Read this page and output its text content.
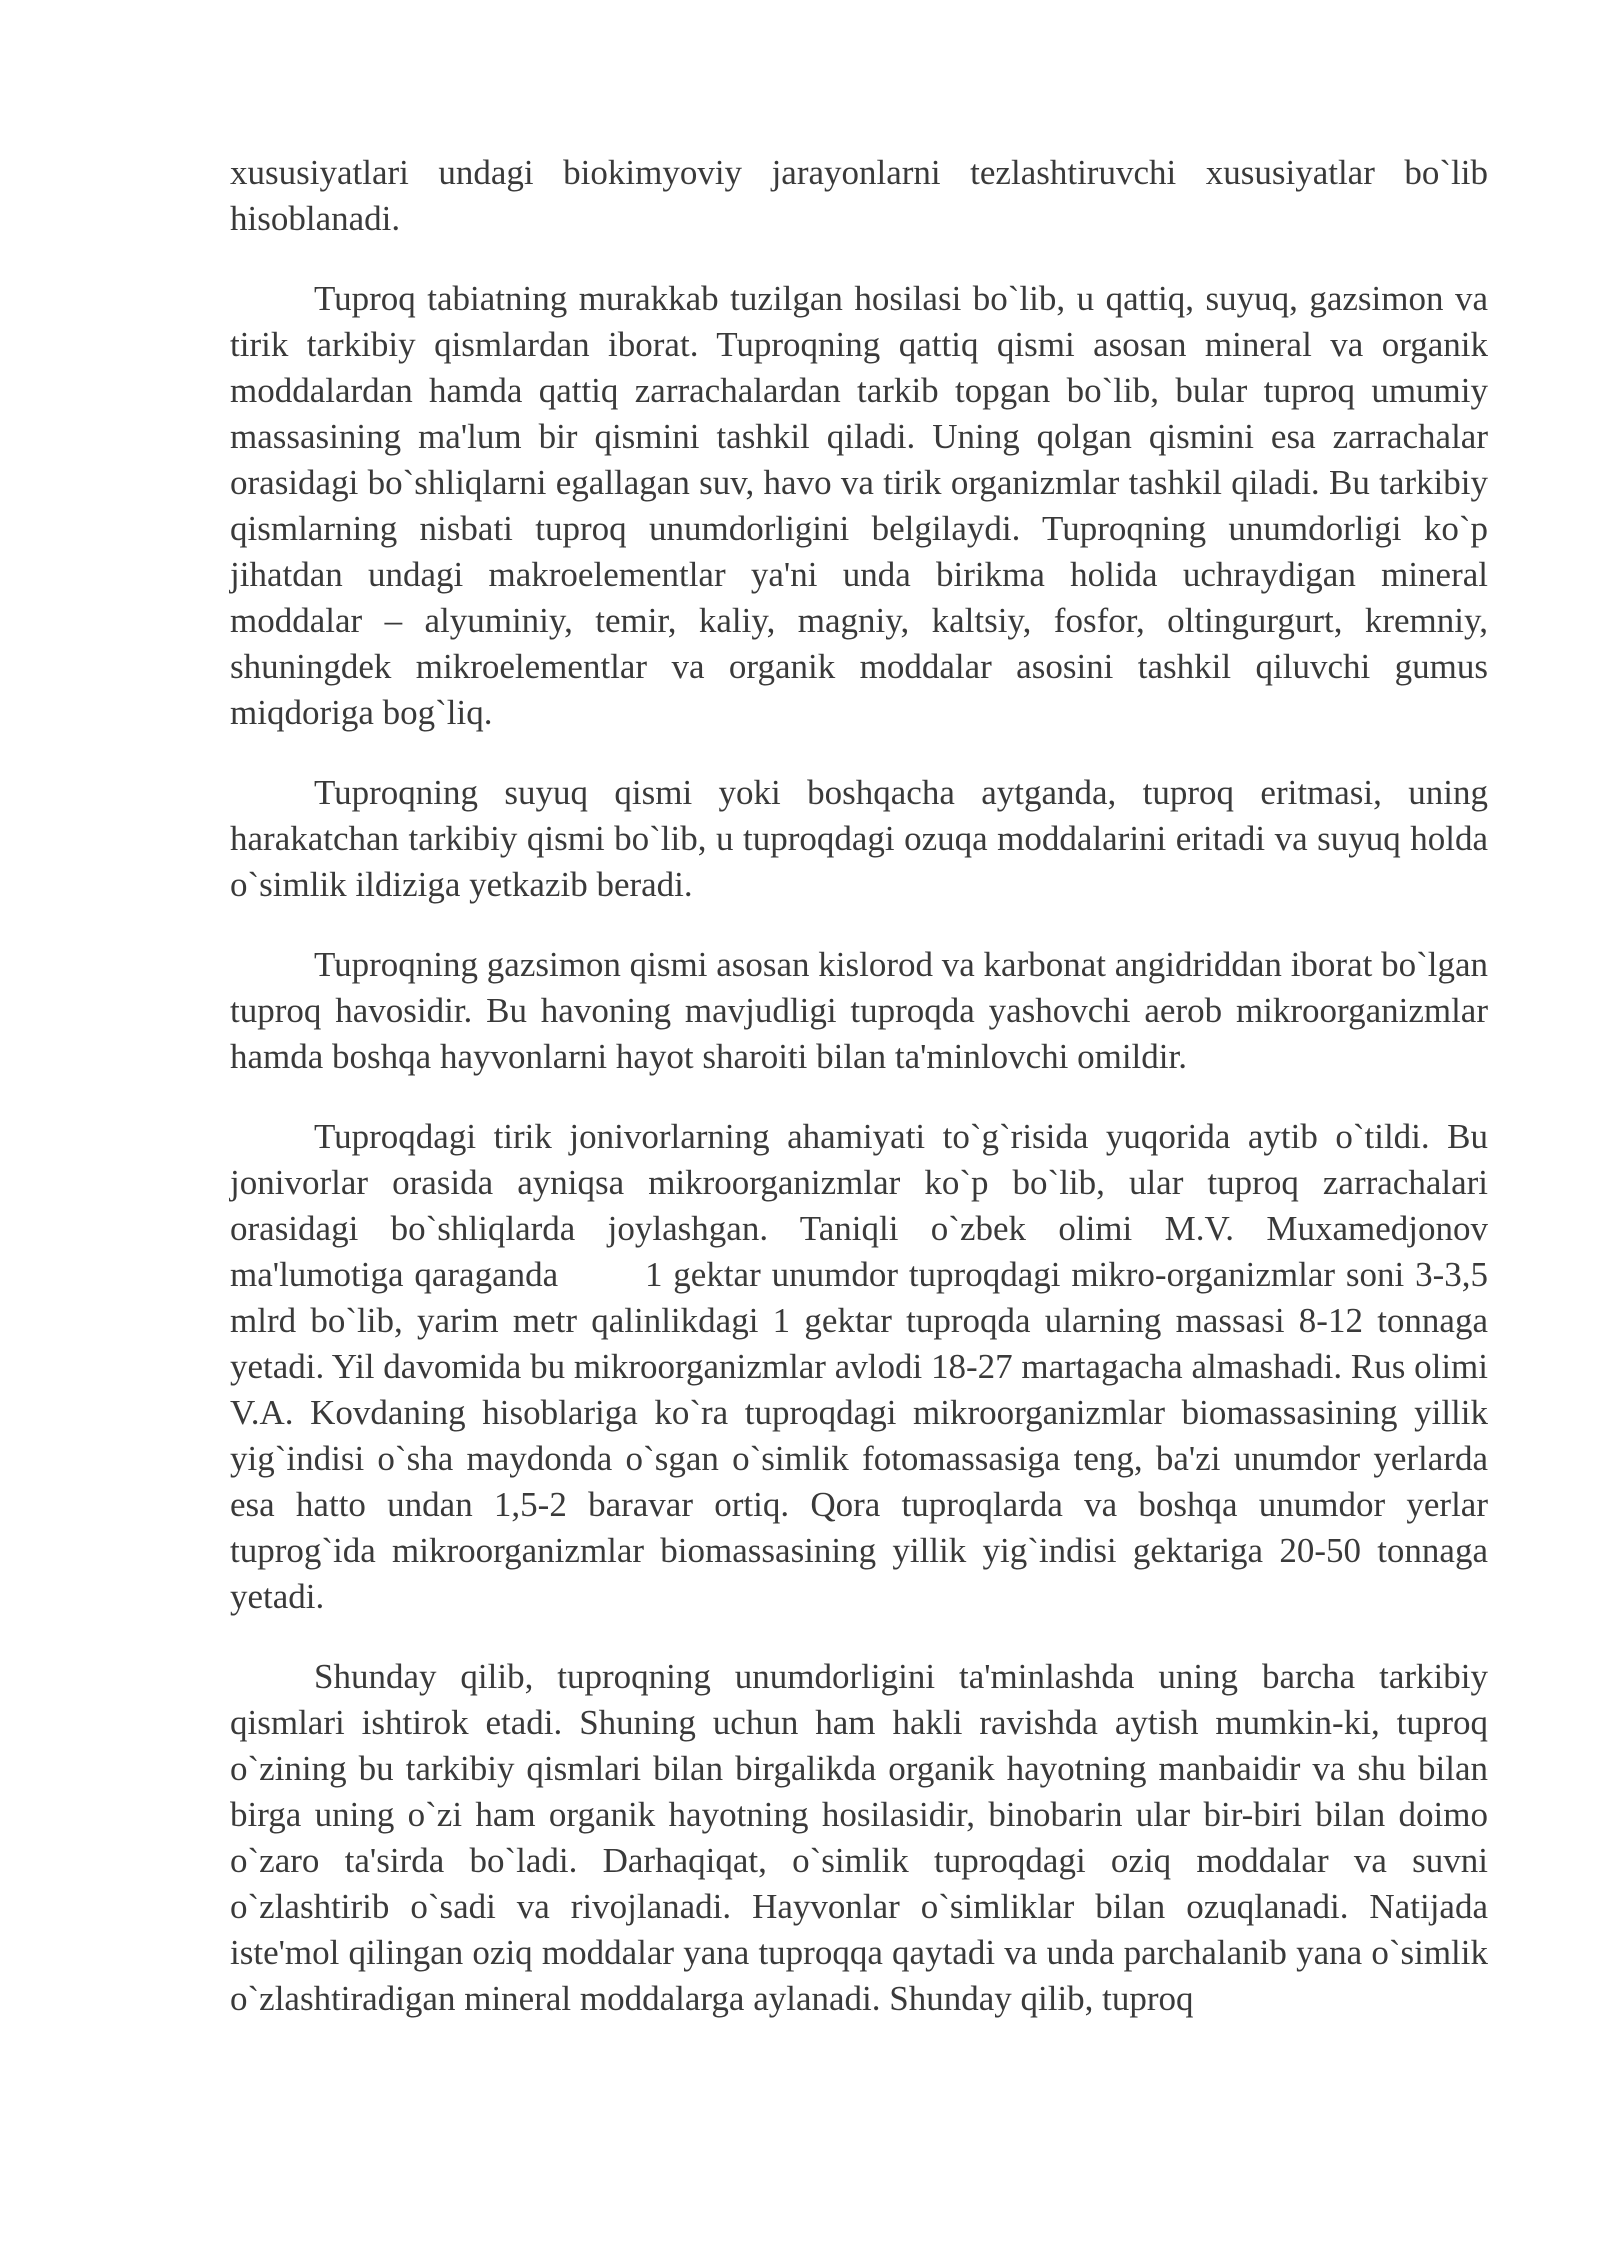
xususiyatlari undagi biokimyoviy jarayonlarni tezlashtiruvchi xususiyatlar bo`lib hisoblanadi.

Tuproq tabiatning murakkab tuzilgan hosilasi bo`lib, u qattiq, suyuq, gazsimon va tirik tarkibiy qismlardan iborat. Tuproqning qattiq qismi asosan mineral va organik moddalardan hamda qattiq zarrachalardan tarkib topgan bo`lib, bular tuproq umumiy massasining ma'lum bir qismini tashkil qiladi. Uning qolgan qismini esa zarrachalar orasidagi bo`shliqlarni egallagan suv, havo va tirik organizmlar tashkil qiladi. Bu tarkibiy qismlarning nisbati tuproq unumdorligini belgilaydi. Tuproqning unumdorligi ko`p jihatdan undagi makroelementlar ya'ni unda birikma holida uchraydigan mineral moddalar – alyuminiy, temir, kaliy, magniy, kaltsiy, fosfor, oltingurgurt, kremniy, shuningdek mikroelementlar va organik moddalar asosini tashkil qiluvchi gumus miqdoriga bog`liq.

Tuproqning suyuq qismi yoki boshqacha aytganda, tuproq eritmasi, uning harakatchan tarkibiy qismi bo`lib, u tuproqdagi ozuqa moddalarini eritadi va suyuq holda o`simlik ildiziga yetkazib beradi.

Tuproqning gazsimon qismi asosan kislorod va karbonat angidriddan iborat bo`lgan tuproq havosidir. Bu havoning mavjudligi tuproqda yashovchi aerob mikroorganizmlar hamda boshqa hayvonlarni hayot sharoiti bilan ta'minlovchi omildir.

Tuproqdagi tirik jonivorlarning ahamiyati to`g`risida yuqorida aytib o`tildi. Bu jonivorlar orasida ayniqsa mikroorganizmlar ko`p bo`lib, ular tuproq zarrachalari orasidagi bo`shliqlarda joylashgan. Taniqli o`zbek olimi M.V. Muxamedjonov ma'lumotiga qaraganda        1 gektar unumdor tuproqdagi mikro-organizmlar soni 3-3,5 mlrd bo`lib, yarim metr qalinlikdagi 1 gektar tuproqda ularning massasi 8-12 tonnaga yetadi. Yil davomida bu mikroorganizmlar avlodi 18-27 martagacha almashadi. Rus olimi V.A. Kovdaning hisoblariga ko`ra tuproqdagi mikroorganizmlar biomassasining yillik yig`indisi o`sha maydonda o`sgan o`simlik fotomassasiga teng, ba'zi unumdor yerlarda esa hatto undan 1,5-2 baravar ortiq. Qora tuproqlarda va boshqa unumdor yerlar tuprog`ida mikroorganizmlar biomassasining yillik yig`indisi gektariga 20-50 tonnaga yetadi.

Shunday qilib, tuproqning unumdorligini ta'minlashda uning barcha tarkibiy qismlari ishtirok etadi. Shuning uchun ham hakli ravishda aytish mumkin-ki, tuproq o`zining bu tarkibiy qismlari bilan birgalikda organik hayotning manbaidir va shu bilan birga uning o`zi ham organik hayotning hosilasidir, binobarin ular bir-biri bilan doimo o`zaro ta'sirda bo`ladi. Darhaqiqat, o`simlik tuproqdagi oziq moddalar va suvni o`zlashtirib o`sadi va rivojlanadi. Hayvonlar o`simliklar bilan ozuqlanadi. Natijada iste'mol qilingan oziq moddalar yana tuproqqa qaytadi va unda parchalanib yana o`simlik o`zlashtiradigan mineral moddalarga aylanadi. Shunday qilib, tuproq
